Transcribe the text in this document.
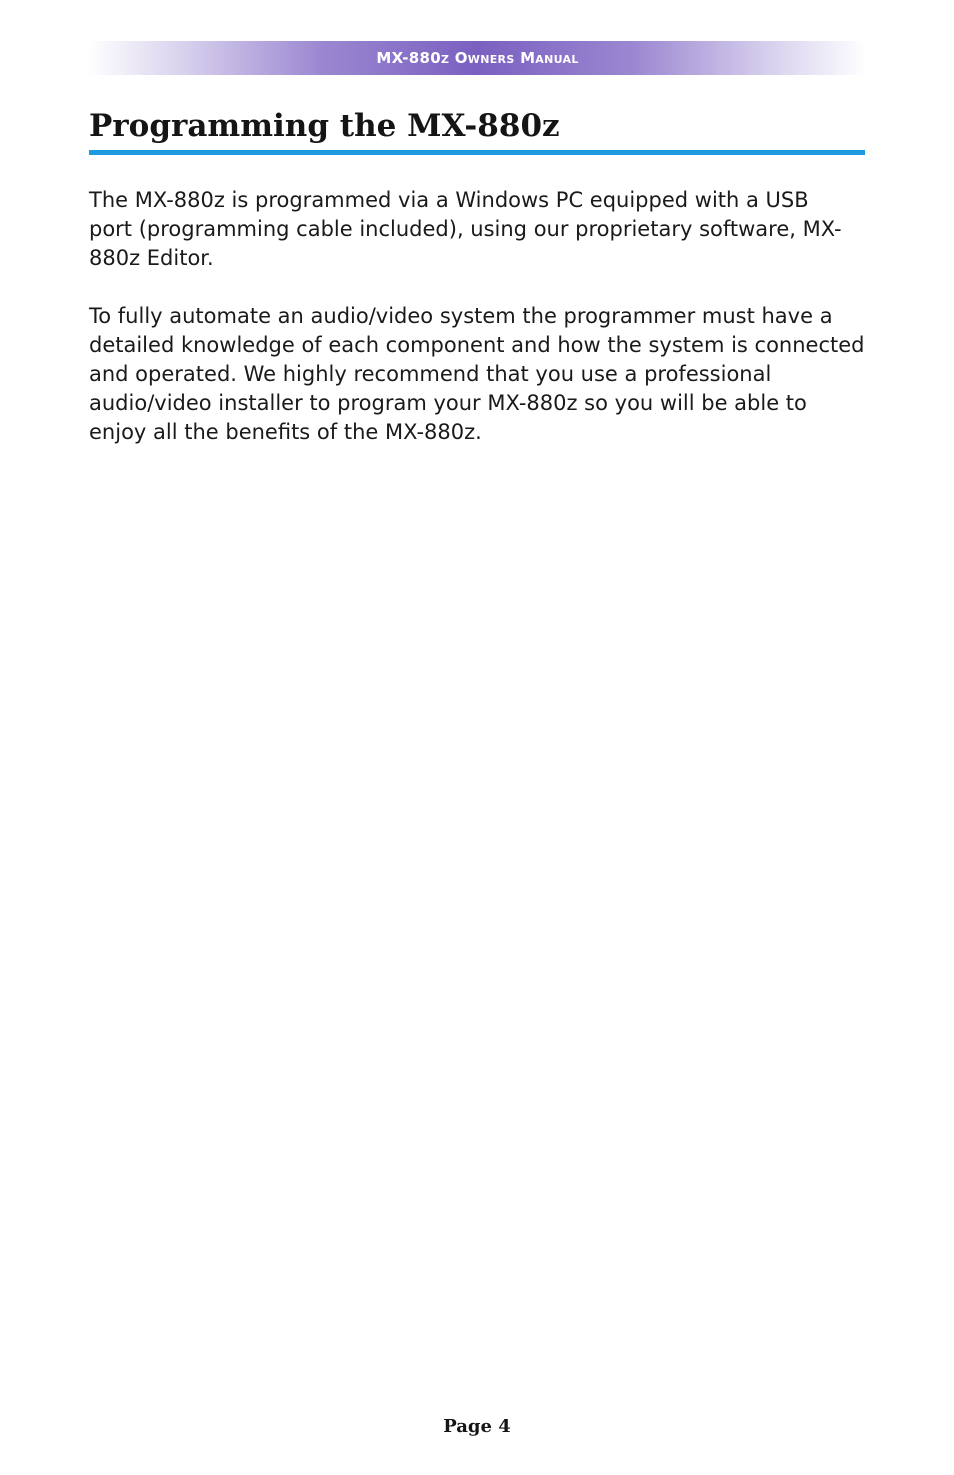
MX-880z Owners Manual
Programming the MX-880z

The MX-880z is programmed via a Windows PC equipped with a USB
port (programming cable included), using our proprietary software, MX-
880z Editor.

To fully automate an audio/video system the programmer must have a
detailed knowledge of each component and how the system is connected
and operated. We highly recommend that you use a professional
audio/video installer to program your MX-880z so you will be able to
enjoy all the benefits of the MX-880z.

Page 4
